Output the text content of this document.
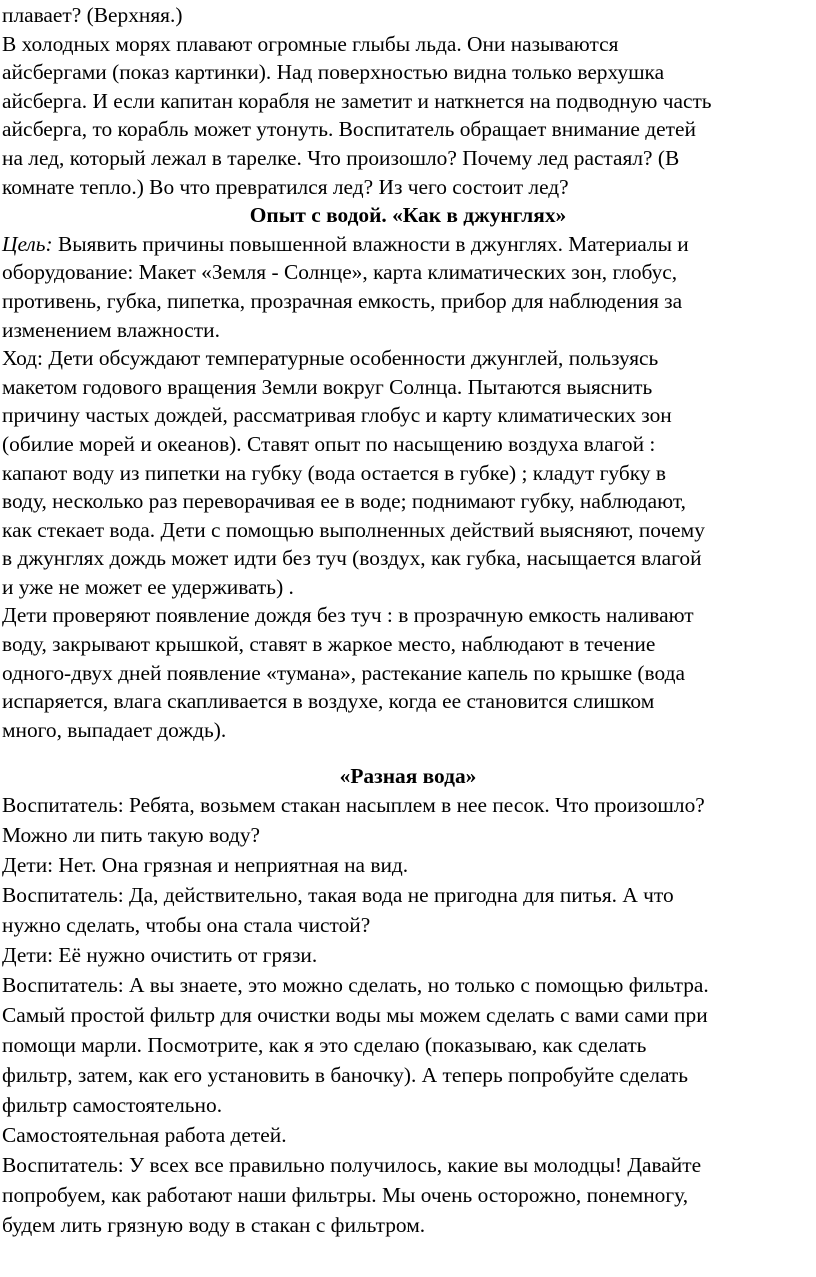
плавает? (Верхняя.)
В холодных морях плавают огромные глыбы льда. Они называются
айсбергами (показ картинки). Над поверхностью видна только верхушка
айсберга. И если капитан корабля не заметит и наткнется на подводную часть
айсберга, то корабль может утонуть. Воспитатель обращает внимание детей
на лед, который лежал в тарелке. Что произошло? Почему лед растаял? (В
комнате тепло.) Во что превратился лед? Из чего состоит лед?
Опыт с водой. «Как в джунглях»
Цель: Выявить причины повышенной влажности в джунглях. Материалы и
оборудование: Макет «Земля - Солнце», карта климатических зон, глобус,
противень, губка, пипетка, прозрачная емкость, прибор для наблюдения за
изменением влажности.
Ход: Дети обсуждают температурные особенности джунглей, пользуясь
макетом годового вращения Земли вокруг Солнца. Пытаются выяснить
причину частых дождей, рассматривая глобус и карту климатических зон
(обилие морей и океанов). Ставят опыт по насыщению воздуха влагой :
капают воду из пипетки на губку (вода остается в губке) ; кладут губку в
воду, несколько раз переворачивая ее в воде; поднимают губку, наблюдают,
как стекает вода. Дети с помощью выполненных действий выясняют, почему
в джунглях дождь может идти без туч (воздух, как губка, насыщается влагой
и уже не может ее удерживать) .
Дети проверяют появление дождя без туч : в прозрачную емкость наливают
воду, закрывают крышкой, ставят в жаркое место, наблюдают в течение
одного-двух дней появление «тумана», растекание капель по крышке (вода
испаряется, влага скапливается в воздухе, когда ее становится слишком
много, выпадает дождь).
«Разная вода»
Воспитатель: Ребята, возьмем стакан насыплем в нее песок. Что произошло?
Можно ли пить такую воду?
Дети: Нет. Она грязная и неприятная на вид.
Воспитатель: Да, действительно, такая вода не пригодна для питья. А что
нужно сделать, чтобы она стала чистой?
Дети: Её нужно очистить от грязи.
Воспитатель: А вы знаете, это можно сделать, но только с помощью фильтра.
Самый простой фильтр для очистки воды мы можем сделать с вами сами при
помощи марли. Посмотрите, как я это сделаю (показываю, как сделать
фильтр, затем, как его установить в баночку). А теперь попробуйте сделать
фильтр самостоятельно.
Самостоятельная работа детей.
Воспитатель: У всех все правильно получилось, какие вы молодцы! Давайте
попробуем, как работают наши фильтры. Мы очень осторожно, понемногу,
будем лить грязную воду в стакан с фильтром.
